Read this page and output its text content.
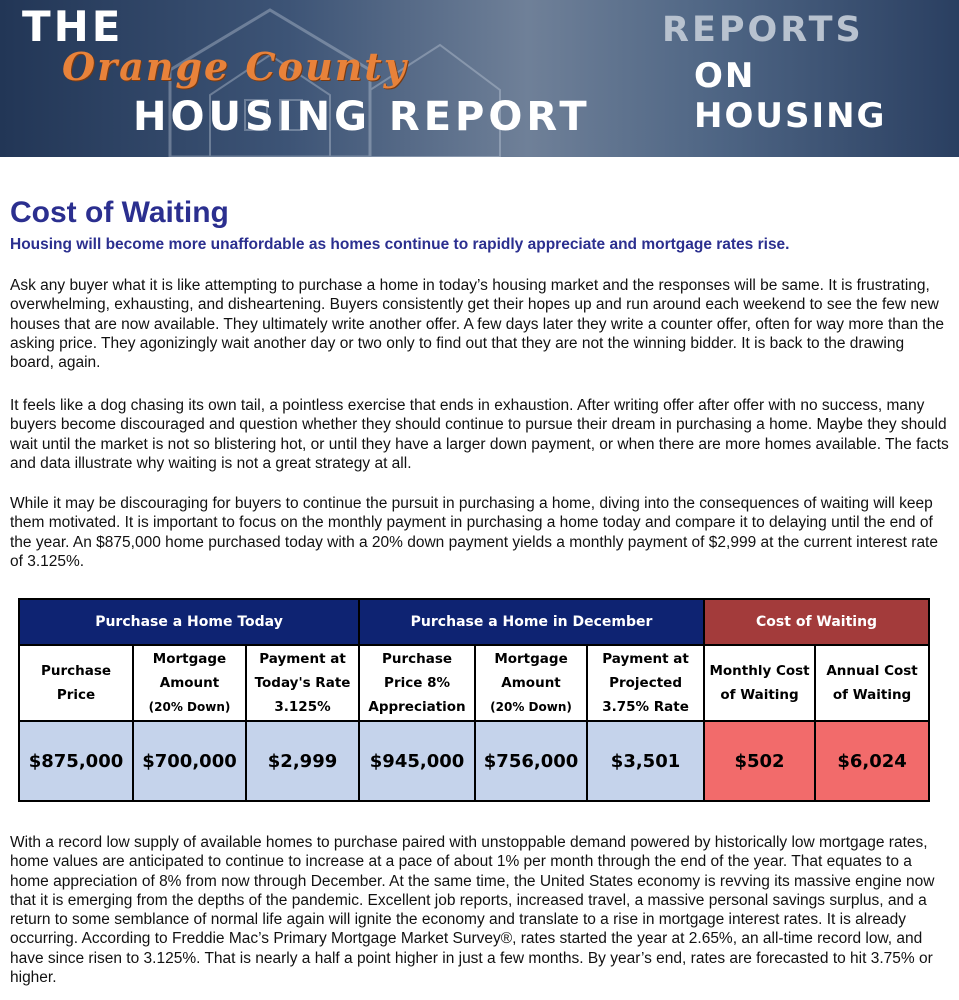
THE
Orange County
HOUSING REPORT
REPORTS
ON HOUSING
Cost of Waiting

Housing will become more unaffordable as homes continue to rapidly appreciate and mortgage rates rise.

Ask any buyer what it is like attempting to purchase a home in today’s housing market and the responses will be same. It is frustrating, overwhelming, exhausting, and disheartening. Buyers consistently get their hopes up and run around each weekend to see the few new houses that are now available. They ultimately write another offer. A few days later they write a counter offer, often for way more than the asking price. They agonizingly wait another day or two only to find out that they are not the winning bidder. It is back to the drawing board, again.

It feels like a dog chasing its own tail, a pointless exercise that ends in exhaustion. After writing offer after offer with no success, many buyers become discouraged and question whether they should continue to pursue their dream in purchasing a home. Maybe they should wait until the market is not so blistering hot, or until they have a larger down payment, or when there are more homes available. The facts and data illustrate why waiting is not a great strategy at all.

While it may be discouraging for buyers to continue the pursuit in purchasing a home, diving into the consequences of waiting will keep them motivated. It is important to focus on the monthly payment in purchasing a home today and compare it to delaying until the end of the year. An $875,000 home purchased today with a 20% down payment yields a monthly payment of $2,999 at the current interest rate of 3.125%.

Purchase a Home Today			Purchase a Home in December			Cost of Waiting	

Purchase
Price	Mortgage
Amount
(20% Down)	Payment at
Today's Rate
3.125%	Purchase
Price 8%
Appreciation	Mortgage
Amount
(20% Down)	Payment at
Projected
3.75% Rate	Monthly Cost
of Waiting	Annual Cost
of Waiting

$875,000	$700,000	$2,999	$945,000	$756,000	$3,501	$502	$6,024

With a record low supply of available homes to purchase paired with unstoppable demand powered by historically low mortgage rates, home values are anticipated to continue to increase at a pace of about 1% per month through the end of the year. That equates to a home appreciation of 8% from now through December. At the same time, the United States economy is revving its massive engine now that it is emerging from the depths of the pandemic. Excellent job reports, increased travel, a massive personal savings surplus, and a return to some semblance of normal life again will ignite the economy and translate to a rise in mortgage interest rates. It is already occurring. According to Freddie Mac’s Primary Mortgage Market Survey®, rates started the year at 2.65%, an all-time record low, and have since risen to 3.125%. That is nearly a half a point higher in just a few months. By year’s end, rates are forecasted to hit 3.75% or higher.
